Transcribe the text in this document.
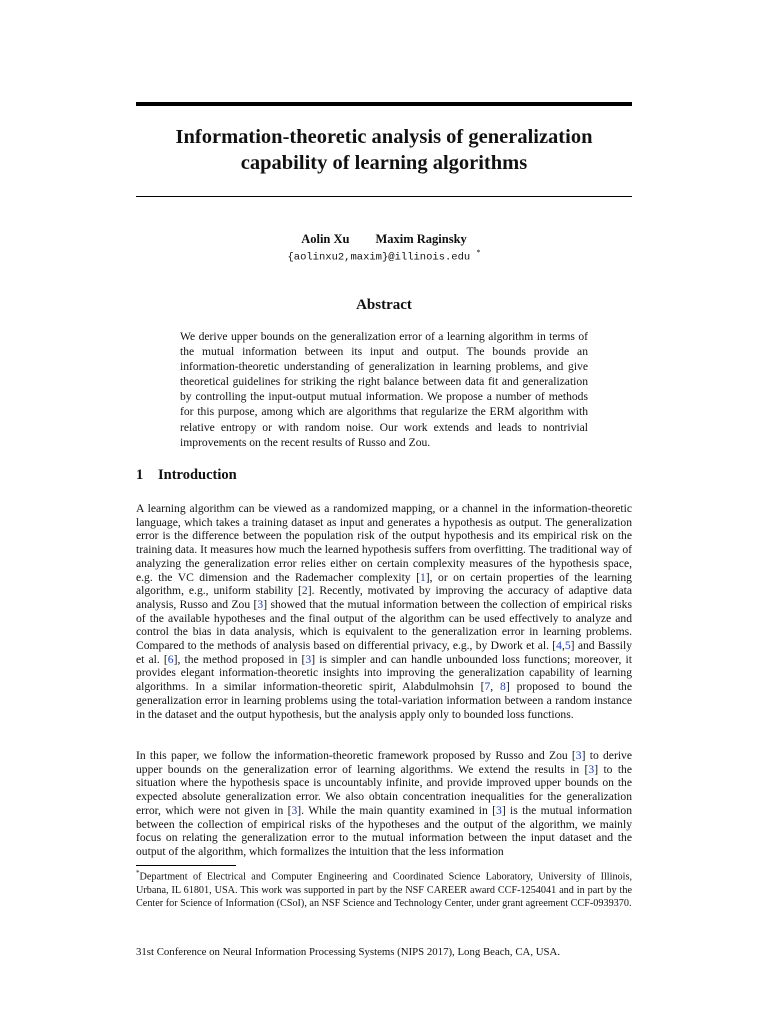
Information-theoretic analysis of generalization
capability of learning algorithms
Aolin Xu Maxim Raginsky
{aolinxu2,maxim}@illinois.edu *
Abstract

We derive upper bounds on the generalization error of a learning algorithm in terms of the mutual information between its input and output. The bounds provide an information-theoretic understanding of generalization in learning problems, and give theoretical guidelines for striking the right balance between data fit and generalization by controlling the input-output mutual information. We propose a number of methods for this purpose, among which are algorithms that regularize the ERM algorithm with relative entropy or with random noise. Our work extends and leads to nontrivial improvements on the recent results of Russo and Zou.

1 Introduction

A learning algorithm can be viewed as a randomized mapping, or a channel in the information-theoretic language, which takes a training dataset as input and generates a hypothesis as output. The generalization error is the difference between the population risk of the output hypothesis and its empirical risk on the training data. It measures how much the learned hypothesis suffers from overfitting. The traditional way of analyzing the generalization error relies either on certain complexity measures of the hypothesis space, e.g. the VC dimension and the Rademacher complexity [1], or on certain properties of the learning algorithm, e.g., uniform stability [2]. Recently, motivated by improving the accuracy of adaptive data analysis, Russo and Zou [3] showed that the mutual information between the collection of empirical risks of the available hypotheses and the final output of the algorithm can be used effectively to analyze and control the bias in data analysis, which is equivalent to the generalization error in learning problems. Compared to the methods of analysis based on differential privacy, e.g., by Dwork et al. [4,5] and Bassily et al. [6], the method proposed in [3] is simpler and can handle unbounded loss functions; moreover, it provides elegant information-theoretic insights into improving the generalization capability of learning algorithms. In a similar information-theoretic spirit, Alabdulmohsin [7, 8] proposed to bound the generalization error in learning problems using the total-variation information between a random instance in the dataset and the output hypothesis, but the analysis apply only to bounded loss functions.

In this paper, we follow the information-theoretic framework proposed by Russo and Zou [3] to derive upper bounds on the generalization error of learning algorithms. We extend the results in [3] to the situation where the hypothesis space is uncountably infinite, and provide improved upper bounds on the expected absolute generalization error. We also obtain concentration inequalities for the generalization error, which were not given in [3]. While the main quantity examined in [3] is the mutual information between the collection of empirical risks of the hypotheses and the output of the algorithm, we mainly focus on relating the generalization error to the mutual information between the input dataset and the output of the algorithm, which formalizes the intuition that the less information

*Department of Electrical and Computer Engineering and Coordinated Science Laboratory, University of Illinois, Urbana, IL 61801, USA. This work was supported in part by the NSF CAREER award CCF-1254041 and in part by the Center for Science of Information (CSoI), an NSF Science and Technology Center, under grant agreement CCF-0939370.

31st Conference on Neural Information Processing Systems (NIPS 2017), Long Beach, CA, USA.
